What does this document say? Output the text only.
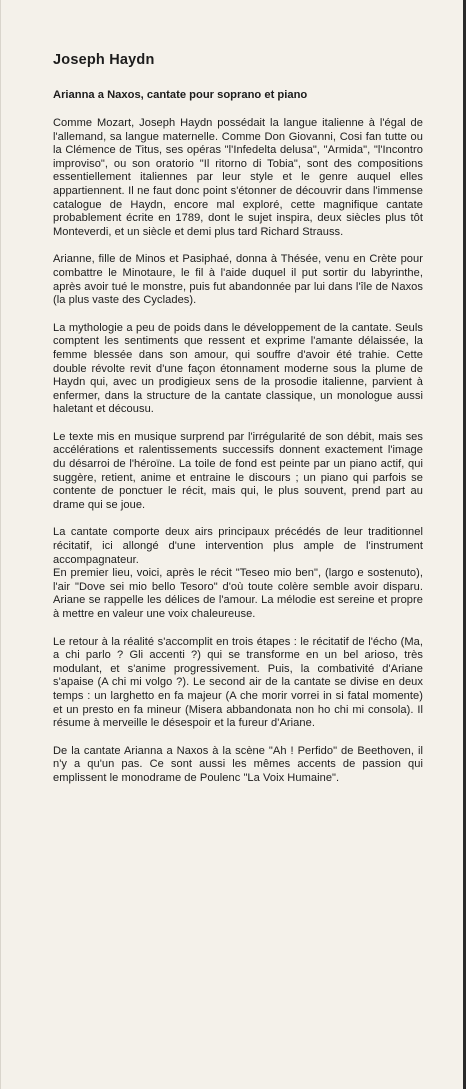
Joseph Haydn
Arianna a Naxos, cantate pour soprano et piano

Comme Mozart, Joseph Haydn possédait la langue italienne à l'égal de l'allemand, sa langue maternelle. Comme Don Giovanni, Cosi fan tutte ou la Clémence de Titus, ses opéras "l'Infedelta delusa", "Armida", "l'Incontro improviso", ou son oratorio "Il ritorno di Tobia", sont des compositions essentiellement italiennes par leur style et le genre auquel elles appartiennent. Il ne faut donc point s'étonner de découvrir dans l'immense catalogue de Haydn, encore mal exploré, cette magnifique cantate probablement écrite en 1789, dont le sujet inspira, deux siècles plus tôt Monteverdi, et un siècle et demi plus tard Richard Strauss.

Arianne, fille de Minos et Pasiphaé, donna à Thésée, venu en Crète pour combattre le Minotaure, le fil à l'aide duquel il put sortir du labyrinthe, après avoir tué le monstre, puis fut abandonnée par lui dans l'île de Naxos (la plus vaste des Cyclades).

La mythologie a peu de poids dans le développement de la cantate. Seuls comptent les sentiments que ressent et exprime l'amante délaissée, la femme blessée dans son amour, qui souffre d'avoir été trahie. Cette double révolte revit d'une façon étonnament moderne sous la plume de Haydn qui, avec un prodigieux sens de la prosodie italienne, parvient à enfermer, dans la structure de la cantate classique, un monologue aussi haletant et décousu.

Le texte mis en musique surprend par l'irrégularité de son débit, mais ses accélérations et ralentissements successifs donnent exactement l'image du désarroi de l'héroïne. La toile de fond est peinte par un piano actif, qui suggère, retient, anime et entraine le discours ; un piano qui parfois se contente de ponctuer le récit, mais qui, le plus souvent, prend part au drame qui se joue.

La cantate comporte deux airs principaux précédés de leur traditionnel récitatif, ici allongé d'une intervention plus ample de l'instrument accompagnateur.

En premier lieu, voici, après le récit "Teseo mio ben", (largo e sostenuto), l'air "Dove sei mio bello Tesoro" d'où toute colère semble avoir disparu. Ariane se rappelle les délices de l'amour. La mélodie est sereine et propre à mettre en valeur une voix chaleureuse.

Le retour à la réalité s'accomplit en trois étapes : le récitatif de l'écho (Ma, a chi parlo ? Gli accenti ?) qui se transforme en un bel arioso, très modulant, et s'anime progressivement. Puis, la combativité d'Ariane s'apaise (A chi mi volgo ?). Le second air de la cantate se divise en deux temps : un larghetto en fa majeur (A che morir vorrei in si fatal momente) et un presto en fa mineur (Misera abbandonata non ho chi mi consola). Il résume à merveille le désespoir et la fureur d'Ariane.

De la cantate Arianna a Naxos à la scène "Ah ! Perfido" de Beethoven, il n'y a qu'un pas. Ce sont aussi les mêmes accents de passion qui emplissent le monodrame de Poulenc "La Voix Humaine".
